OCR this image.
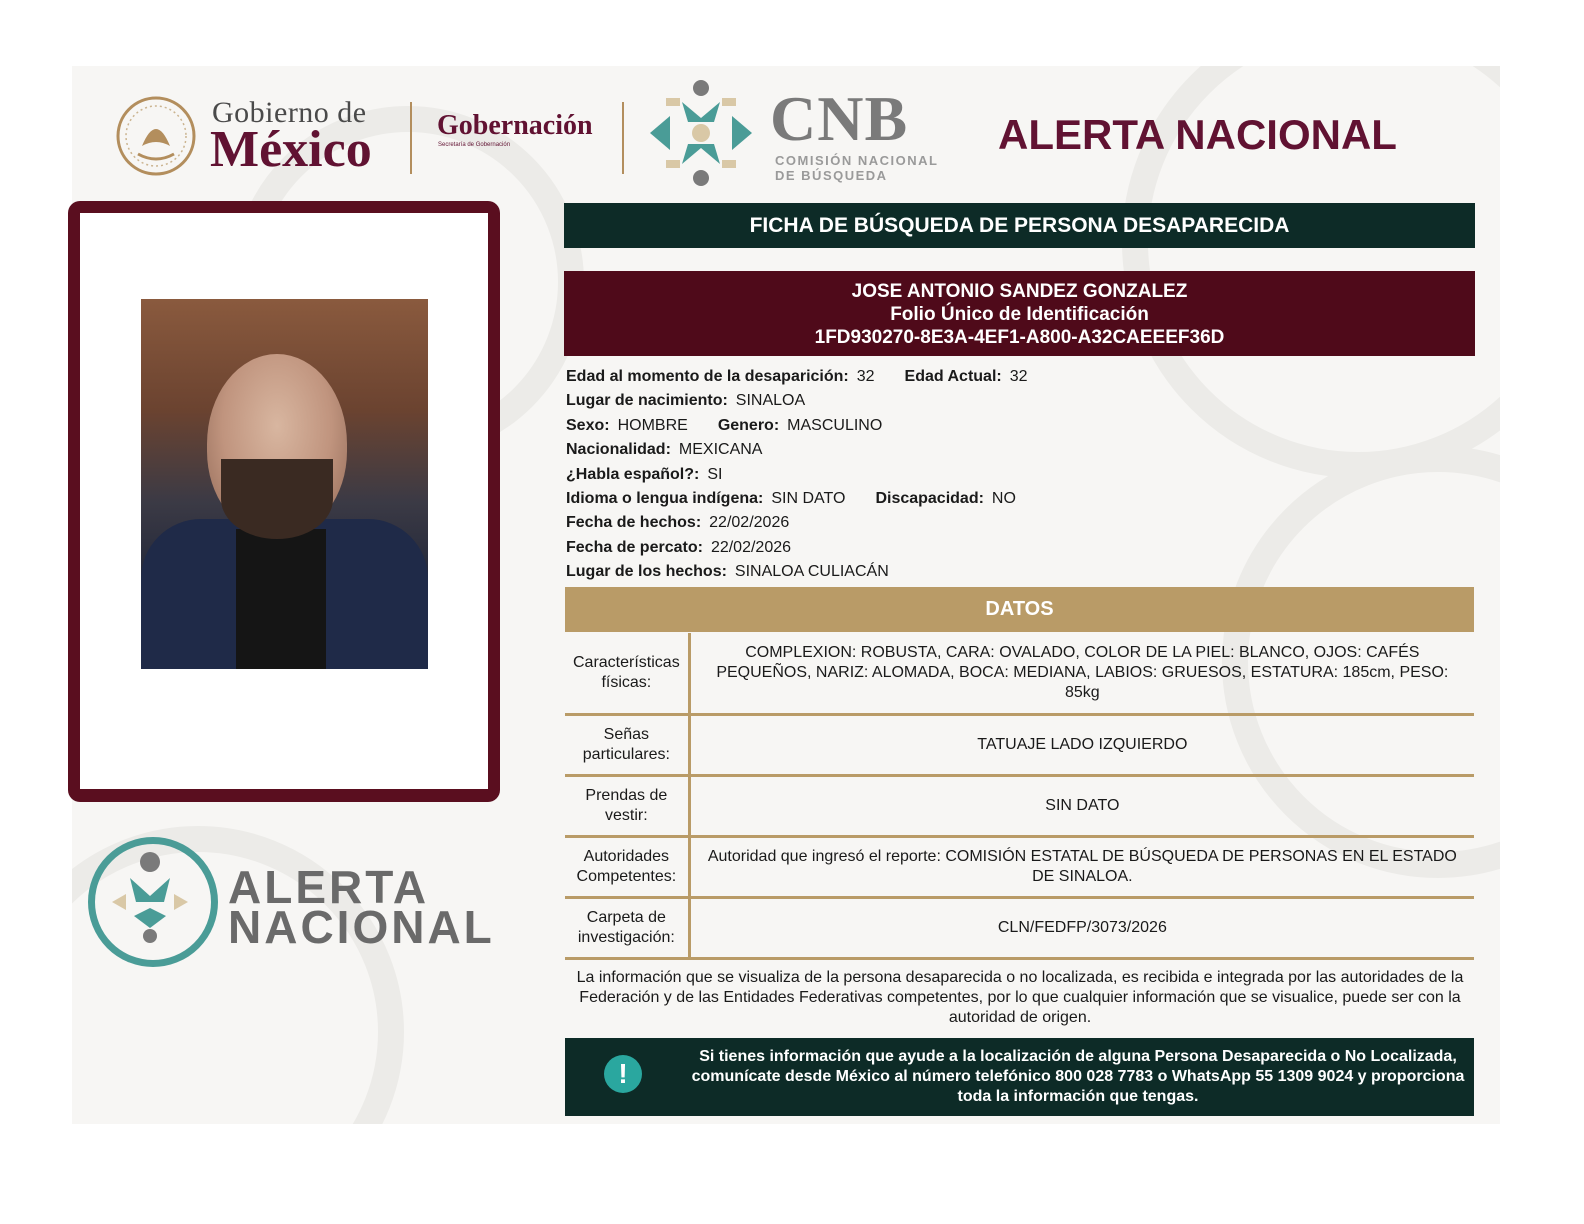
Gobierno de
México Gobernación
Secretaría de Gobernación	CNB
COMISIÓN NACIONAL
DE BÚSQUEDA
ALERTA NACIONAL
ALERTA
NACIONAL
FICHA DE BÚSQUEDA DE PERSONA DESAPARECIDA
JOSE ANTONIO SANDEZ GONZALEZ
Folio Único de Identificación
1FD930270-8E3A-4EF1-A800-A32CAEEEF36D
Edad al momento de la desaparición: 32 Edad Actual: 32
Lugar de nacimiento: SINALOA
Sexo: HOMBRE Genero: MASCULINO
Nacionalidad: MEXICANA
¿Habla español?: SI
Idioma o lengua indígena: SIN DATO Discapacidad: NO
Fecha de hechos: 22/02/2026
Fecha de percato: 22/02/2026
Lugar de los hechos: SINALOA CULIACÁN
DATOS
Características físicas:	COMPLEXION: ROBUSTA, CARA: OVALADO, COLOR DE LA PIEL: BLANCO, OJOS: CAFÉS PEQUEÑOS, NARIZ: ALOMADA, BOCA: MEDIANA, LABIOS: GRUESOS, ESTATURA: 185cm, PESO: 85kg
Señas particulares:	TATUAJE LADO IZQUIERDO
Prendas de vestir:	SIN DATO
Autoridades Competentes:	Autoridad que ingresó el reporte: COMISIÓN ESTATAL DE BÚSQUEDA DE PERSONAS EN EL ESTADO DE SINALOA.
Carpeta de investigación:	CLN/FEDFP/3073/2026
La información que se visualiza de la persona desaparecida o no localizada, es recibida e integrada por las autoridades de la Federación y de las Entidades Federativas competentes, por lo que cualquier información que se visualice, puede ser con la autoridad de origen.
!
Si tienes información que ayude a la localización de alguna Persona Desaparecida o No Localizada, comunícate desde México al número telefónico 800 028 7783 o WhatsApp 55 1309 9024 y proporciona toda la información que tengas.
